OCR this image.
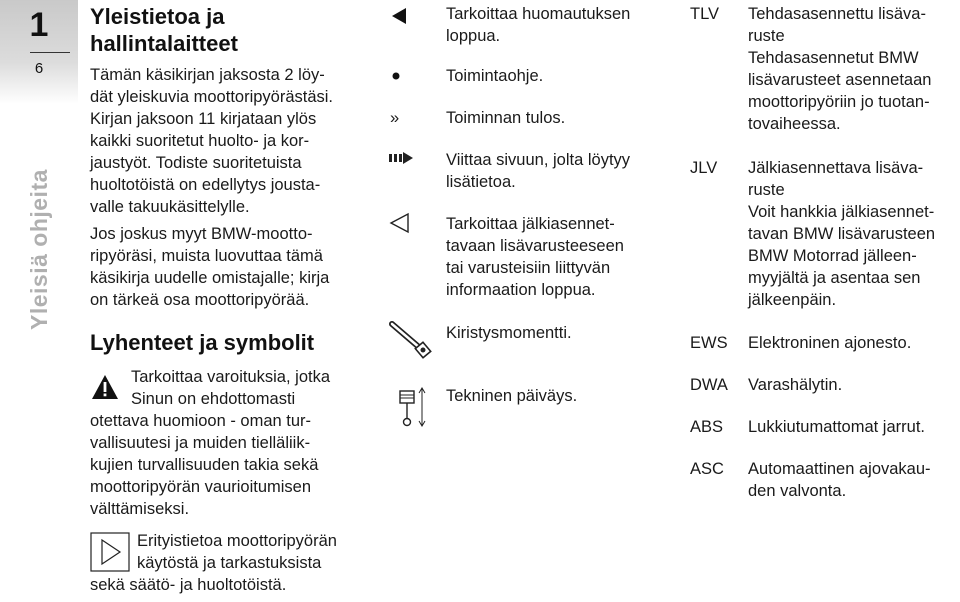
1
6
Yleisiä ohjeita
Yleistietoa ja
hallintalaitteet
Tämän käsikirjan jaksosta 2 löy-
dät yleiskuvia moottoripyörästäsi.
Kirjan jaksoon 11 kirjataan ylös
kaikki suoritetut huolto- ja kor-
jaustyöt. Todiste suoritetuista
huoltotöistä on edellytys jousta-
valle takuukäsittelylle.
Jos joskus myyt BMW-mootto-
ripyöräsi, muista luovuttaa tämä
käsikirja uudelle omistajalle; kirja
on tärkeä osa moottoripyörää.
Lyhenteet ja symbolit
Tarkoittaa varoituksia, jotka
Sinun on ehdottomasti
otettava huomioon - oman tur-
vallisuutesi ja muiden tielläliik-
kujien turvallisuuden takia sekä
moottoripyörän vaurioitumisen
välttämiseksi.
Erityistietoa moottoripyörän
käytöstä ja tarkastuksista
sekä säätö- ja huoltotöistä.
Tarkoittaa huomautuksen
loppua.
Toimintaohje.
»	Toiminnan tulos.
Viittaa sivuun, jolta löytyy
lisätietoa.
Tarkoittaa jälkiasennet-
tavaan lisävarusteeseen
tai varusteisiin liittyvän
informaation loppua.
Kiristysmomentti.
Tekninen päiväys.
TLV	Tehdasasennettu lisäva-
ruste
Tehdasasennetut BMW
lisävarusteet asennetaan
moottoripyöriin jo tuotan-
tovaiheessa.
JLV	Jälkiasennettava lisäva-
ruste
Voit hankkia jälkiasennet-
tavan BMW lisävarusteen
BMW Motorrad jälleen-
myyjältä ja asentaa sen
jälkeenpäin.
EWS	Elektroninen ajonesto.
DWA	Varashälytin.
ABS	Lukkiutumattomat jarrut.
ASC	Automaattinen ajovakau-
den valvonta.
